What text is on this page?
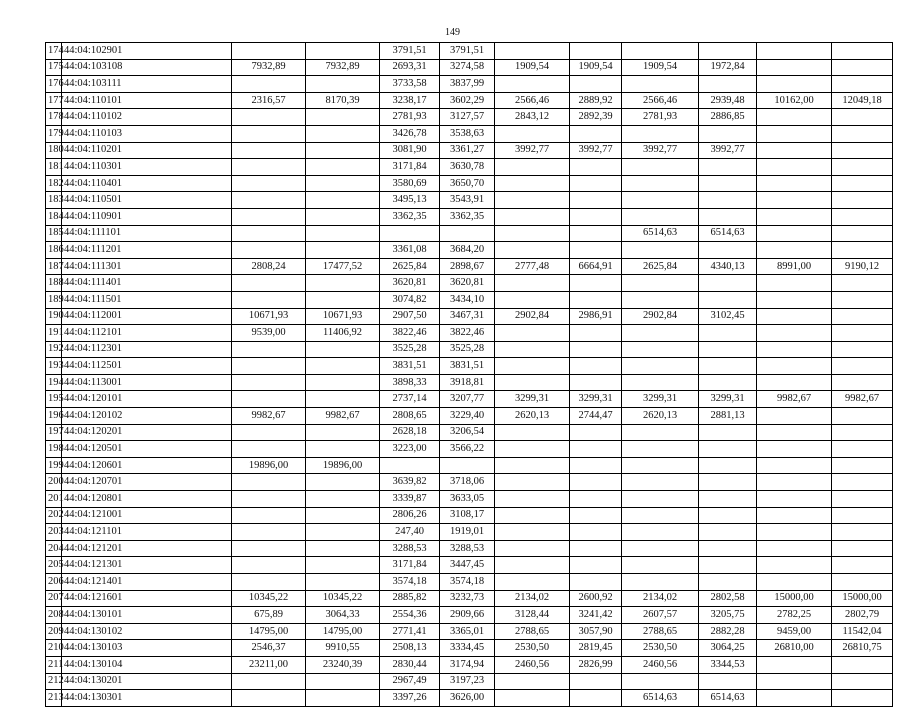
149
174	44:04:102901			3791,51	3791,51						
175	44:04:103108	7932,89	7932,89	2693,31	3274,58	1909,54	1909,54	1909,54	1972,84		
176	44:04:103111			3733,58	3837,99						
177	44:04:110101	2316,57	8170,39	3238,17	3602,29	2566,46	2889,92	2566,46	2939,48	10162,00	12049,18
178	44:04:110102			2781,93	3127,57	2843,12	2892,39	2781,93	2886,85		
179	44:04:110103			3426,78	3538,63						
180	44:04:110201			3081,90	3361,27	3992,77	3992,77	3992,77	3992,77		
181	44:04:110301			3171,84	3630,78						
182	44:04:110401			3580,69	3650,70						
183	44:04:110501			3495,13	3543,91						
184	44:04:110901			3362,35	3362,35						
185	44:04:111101							6514,63	6514,63		
186	44:04:111201			3361,08	3684,20						
187	44:04:111301	2808,24	17477,52	2625,84	2898,67	2777,48	6664,91	2625,84	4340,13	8991,00	9190,12
188	44:04:111401			3620,81	3620,81						
189	44:04:111501			3074,82	3434,10						
190	44:04:112001	10671,93	10671,93	2907,50	3467,31	2902,84	2986,91	2902,84	3102,45		
191	44:04:112101	9539,00	11406,92	3822,46	3822,46						
192	44:04:112301			3525,28	3525,28						
193	44:04:112501			3831,51	3831,51						
194	44:04:113001			3898,33	3918,81						
195	44:04:120101			2737,14	3207,77	3299,31	3299,31	3299,31	3299,31	9982,67	9982,67
196	44:04:120102	9982,67	9982,67	2808,65	3229,40	2620,13	2744,47	2620,13	2881,13		
197	44:04:120201			2628,18	3206,54						
198	44:04:120501			3223,00	3566,22						
199	44:04:120601	19896,00	19896,00								
200	44:04:120701			3639,82	3718,06						
201	44:04:120801			3339,87	3633,05						
202	44:04:121001			2806,26	3108,17						
203	44:04:121101			247,40	1919,01						
204	44:04:121201			3288,53	3288,53						
205	44:04:121301			3171,84	3447,45						
206	44:04:121401			3574,18	3574,18						
207	44:04:121601	10345,22	10345,22	2885,82	3232,73	2134,02	2600,92	2134,02	2802,58	15000,00	15000,00
208	44:04:130101	675,89	3064,33	2554,36	2909,66	3128,44	3241,42	2607,57	3205,75	2782,25	2802,79
209	44:04:130102	14795,00	14795,00	2771,41	3365,01	2788,65	3057,90	2788,65	2882,28	9459,00	11542,04
210	44:04:130103	2546,37	9910,55	2508,13	3334,45	2530,50	2819,45	2530,50	3064,25	26810,00	26810,75
211	44:04:130104	23211,00	23240,39	2830,44	3174,94	2460,56	2826,99	2460,56	3344,53		
212	44:04:130201			2967,49	3197,23						
213	44:04:130301			3397,26	3626,00			6514,63	6514,63		
